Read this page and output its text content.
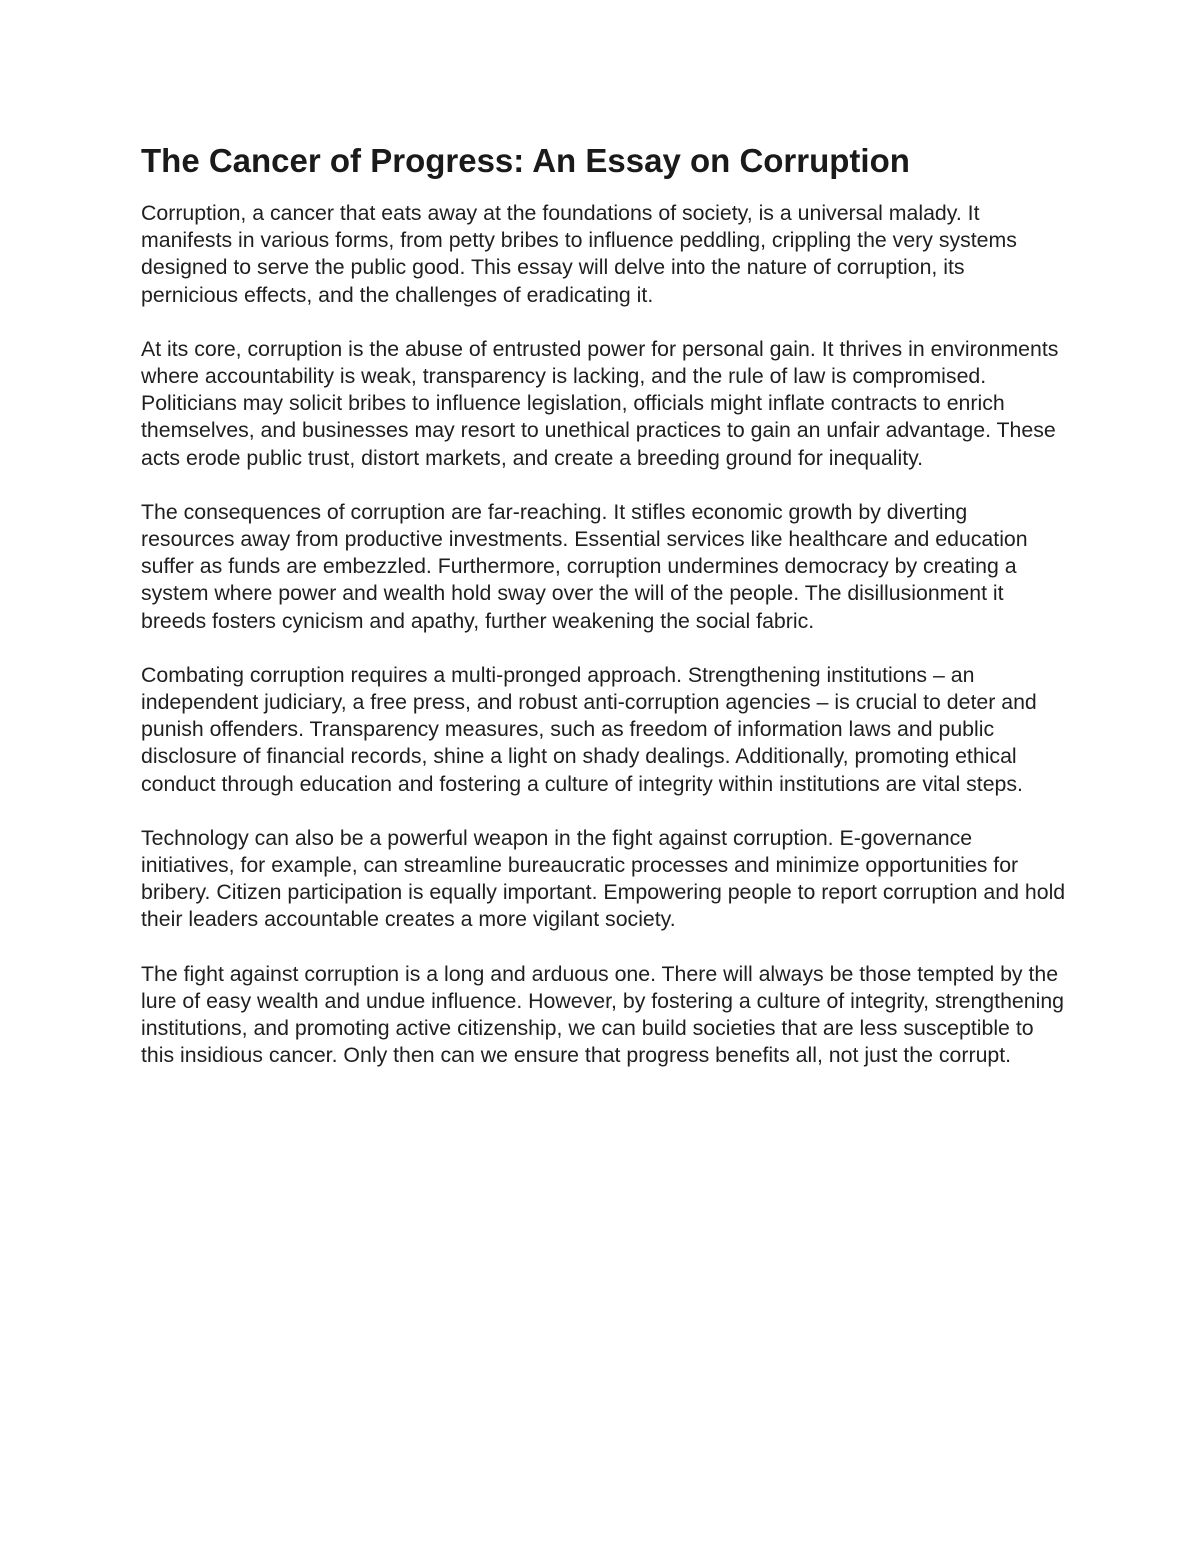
The Cancer of Progress: An Essay on Corruption

Corruption, a cancer that eats away at the foundations of society, is a universal malady. It manifests in various forms, from petty bribes to influence peddling, crippling the very systems designed to serve the public good. This essay will delve into the nature of corruption, its pernicious effects, and the challenges of eradicating it.

At its core, corruption is the abuse of entrusted power for personal gain. It thrives in environments where accountability is weak, transparency is lacking, and the rule of law is compromised. Politicians may solicit bribes to influence legislation, officials might inflate contracts to enrich themselves, and businesses may resort to unethical practices to gain an unfair advantage. These acts erode public trust, distort markets, and create a breeding ground for inequality.

The consequences of corruption are far-reaching. It stifles economic growth by diverting resources away from productive investments. Essential services like healthcare and education suffer as funds are embezzled. Furthermore, corruption undermines democracy by creating a system where power and wealth hold sway over the will of the people. The disillusionment it breeds fosters cynicism and apathy, further weakening the social fabric.

Combating corruption requires a multi-pronged approach. Strengthening institutions – an independent judiciary, a free press, and robust anti-corruption agencies – is crucial to deter and punish offenders. Transparency measures, such as freedom of information laws and public disclosure of financial records, shine a light on shady dealings. Additionally, promoting ethical conduct through education and fostering a culture of integrity within institutions are vital steps.

Technology can also be a powerful weapon in the fight against corruption. E-governance initiatives, for example, can streamline bureaucratic processes and minimize opportunities for bribery. Citizen participation is equally important. Empowering people to report corruption and hold their leaders accountable creates a more vigilant society.

The fight against corruption is a long and arduous one. There will always be those tempted by the lure of easy wealth and undue influence. However, by fostering a culture of integrity, strengthening institutions, and promoting active citizenship, we can build societies that are less susceptible to this insidious cancer. Only then can we ensure that progress benefits all, not just the corrupt.
